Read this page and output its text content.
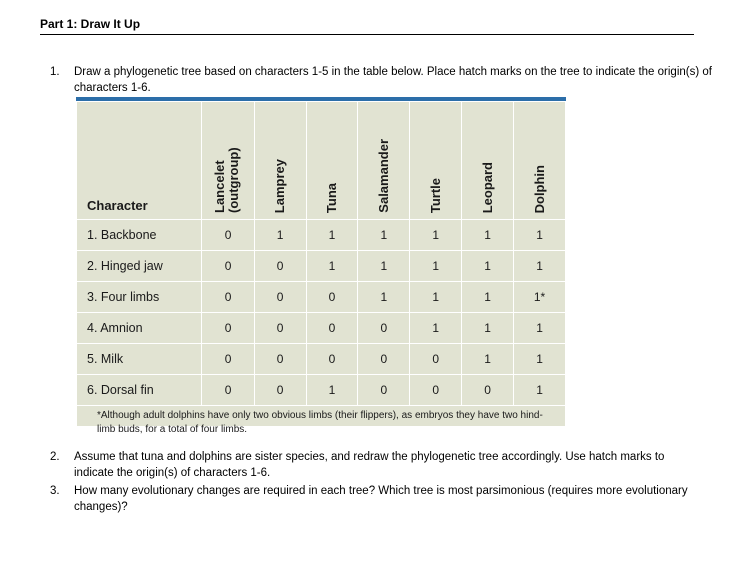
Part 1: Draw It Up
1. Draw a phylogenetic tree based on characters 1-5 in the table below. Place hatch marks on the tree to indicate the origin(s) of characters 1-6.
Character	Lancelet (outgroup)	Lamprey	Tuna	Salamander	Turtle	Leopard	Dolphin

1. Backbone	0	1	1	1	1	1	1
2. Hinged jaw	0	0	1	1	1	1	1
3. Four limbs	0	0	0	1	1	1	1*
4. Amnion	0	0	0	0	1	1	1
5. Milk	0	0	0	0	0	1	1
6. Dorsal fin	0	0	1	0	0	0	1
*Although adult dolphins have only two obvious limbs (their flippers), as embryos they have two hind-limb buds, for a total of four limbs.							
2. Assume that tuna and dolphins are sister species, and redraw the phylogenetic tree accordingly. Use hatch marks to indicate the origin(s) of characters 1-6.
3. How many evolutionary changes are required in each tree? Which tree is most parsimonious (requires more evolutionary changes)?
